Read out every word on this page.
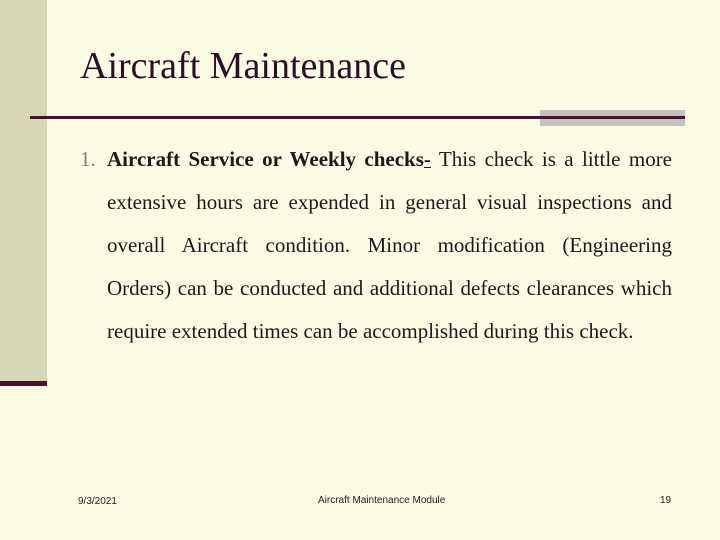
Aircraft Maintenance
1. Aircraft Service or Weekly checks- This check is a little more extensive hours are expended in general visual inspections and overall Aircraft condition. Minor modification (Engineering Orders) can be conducted and additional defects clearances which require extended times can be accomplished during this check.
9/3/2021	Aircraft Maintenance Module	19
